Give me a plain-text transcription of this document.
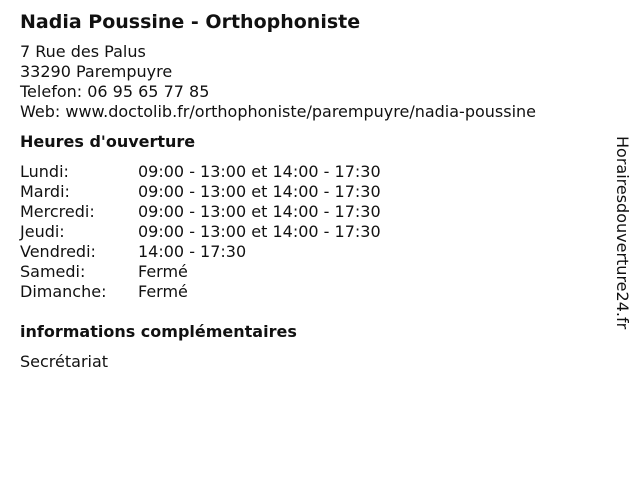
Nadia Poussine - Orthophoniste
7 Rue des Palus
33290 Parempuyre
Telefon: 06 95 65 77 85
Web: www.doctolib.fr/orthophoniste/parempuyre/nadia-poussine
Heures d'ouverture
Lundi:	09:00 - 13:00 et 14:00 - 17:30
Mardi:	09:00 - 13:00 et 14:00 - 17:30
Mercredi:	09:00 - 13:00 et 14:00 - 17:30
Jeudi:	09:00 - 13:00 et 14:00 - 17:30
Vendredi:	14:00 - 17:30
Samedi:	Fermé
Dimanche:	Fermé
informations complémentaires
Secrétariat
Horairesdouverture24.fr
